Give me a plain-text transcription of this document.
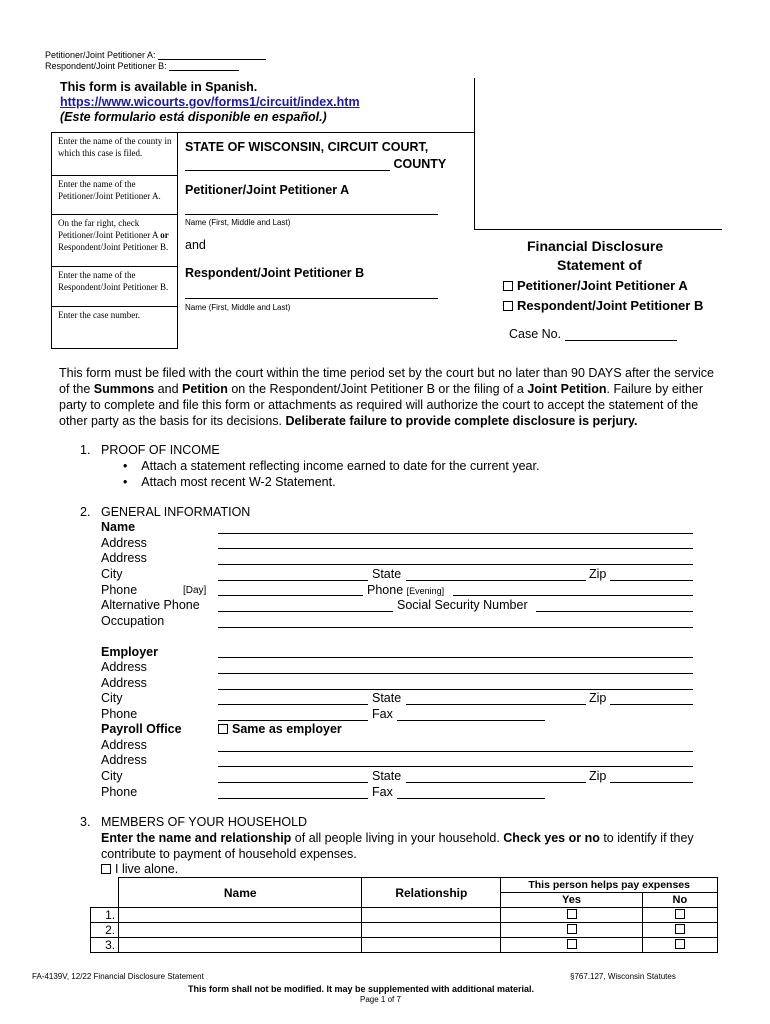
Petitioner/Joint Petitioner A:
Respondent/Joint Petitioner B:
This form is available in Spanish.
https://www.wicourts.gov/forms1/circuit/index.htm
(Este formulario está disponible en español.)
Enter the name of the county in which this case is filed.
Enter the name of the Petitioner/Joint Petitioner A.
On the far right, check Petitioner/Joint Petitioner A or Respondent/Joint Petitioner B.
Enter the name of the Respondent/Joint Petitioner B.
Enter the case number.
STATE OF WISCONSIN, CIRCUIT COURT,
COUNTY
Petitioner/Joint Petitioner A
Name (First, Middle and Last)
and
Respondent/Joint Petitioner B
Name (First, Middle and Last)
Financial Disclosure
Statement of
Petitioner/Joint Petitioner A
Respondent/Joint Petitioner B
Case No.
This form must be filed with the court within the time period set by the court but no later than 90 DAYS after the service
of the Summons and Petition on the Respondent/Joint Petitioner B or the filing of a Joint Petition. Failure by either
party to complete and file this form or attachments as required will authorize the court to accept the statement of the
other party as the basis for its decisions. Deliberate failure to provide complete disclosure is perjury.
1. PROOF OF INCOME
•    Attach a statement reflecting income earned to date for the current year.
•    Attach most recent W-2 Statement.
2. GENERAL INFORMATION
Name
Address
Address
City	State	Zip
Phone	[Day]	Phone [Evening]
Alternative Phone	Social Security Number
Occupation
Employer
Address
Address
City	State	Zip
Phone	Fax
Payroll Office	Same as employer
Address
Address
City	State	Zip
Phone	Fax
3. MEMBERS OF YOUR HOUSEHOLD
Enter the name and relationship of all people living in your household. Check yes or no to identify if they
contribute to payment of household expenses.
I live alone.
	Name	Relationship	This person helps pay expenses	
			Yes	No
1.				
2.				
3.				
FA-4139V, 12/22 Financial Disclosure Statement	§767.127, Wisconsin Statutes
This form shall not be modified. It may be supplemented with additional material.
Page 1 of 7
